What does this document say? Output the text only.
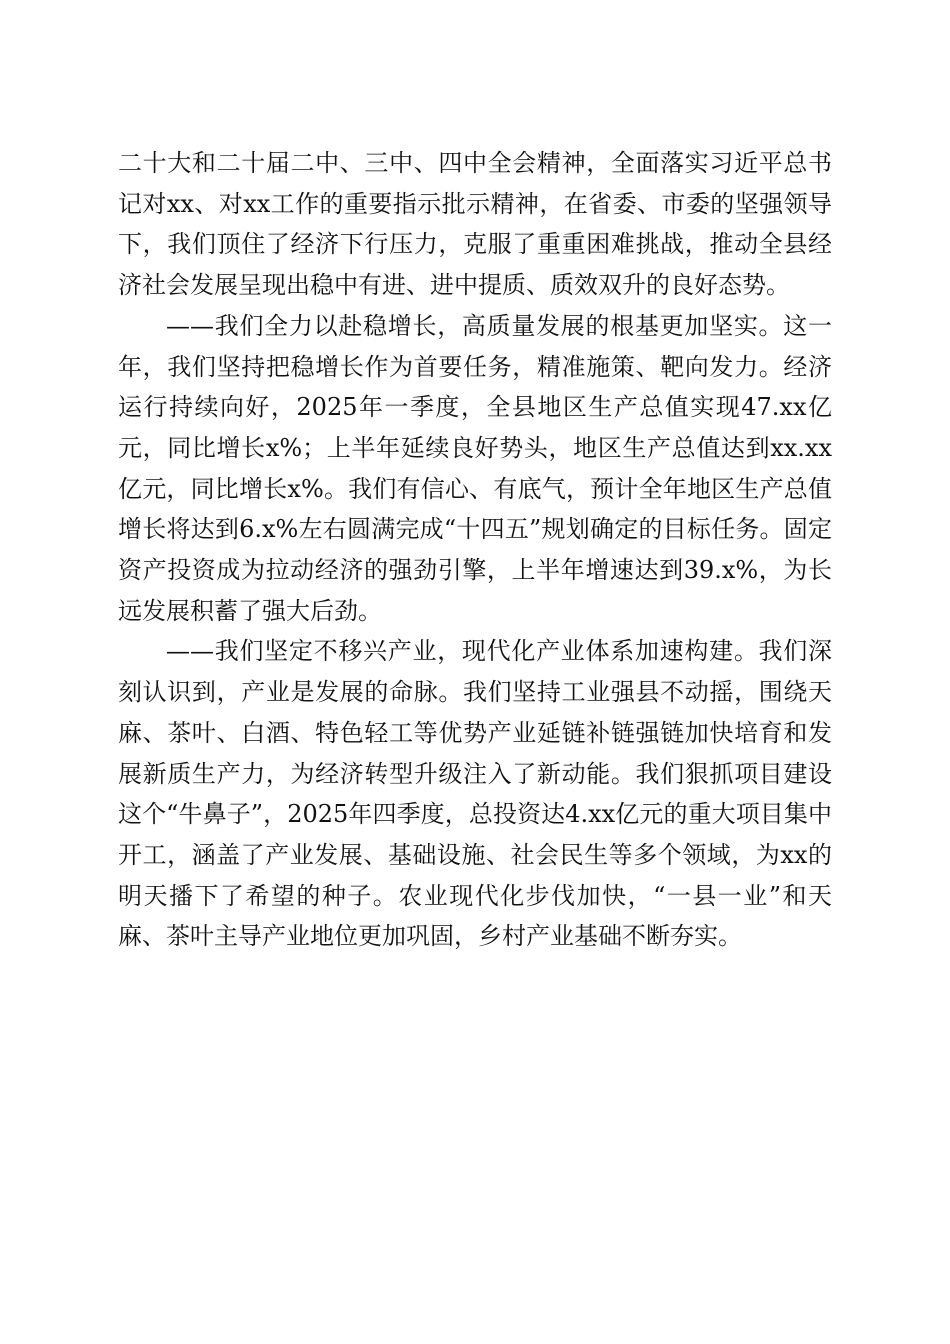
二十大和二十届二中、三中、四中全会精神，全面落实习近平总书记对xx、对xx工作的重要指示批示精神，在省委、市委的坚强领导下，我们顶住了经济下行压力，克服了重重困难挑战，推动全县经济社会发展呈现出稳中有进、进中提质、质效双升的良好态势。

——我们全力以赴稳增长，高质量发展的根基更加坚实。这一年，我们坚持把稳增长作为首要任务，精准施策、靶向发力。经济运行持续向好，2025年一季度，全县地区生产总值实现47.xx亿元，同比增长x%；上半年延续良好势头，地区生产总值达到xx.xx亿元，同比增长x%。我们有信心、有底气，预计全年地区生产总值增长将达到6.x%左右圆满完成“十四五”规划确定的目标任务。固定资产投资成为拉动经济的强劲引擎，上半年增速达到39.x%，为长远发展积蓄了强大后劲。

——我们坚定不移兴产业，现代化产业体系加速构建。我们深刻认识到，产业是发展的命脉。我们坚持工业强县不动摇，围绕天麻、茶叶、白酒、特色轻工等优势产业延链补链强链加快培育和发展新质生产力，为经济转型升级注入了新动能。我们狠抓项目建设这个“牛鼻子”，2025年四季度，总投资达4.xx亿元的重大项目集中开工，涵盖了产业发展、基础设施、社会民生等多个领域，为xx的明天播下了希望的种子。农业现代化步伐加快，“一县一业”和天麻、茶叶主导产业地位更加巩固，乡村产业基础不断夯实。
